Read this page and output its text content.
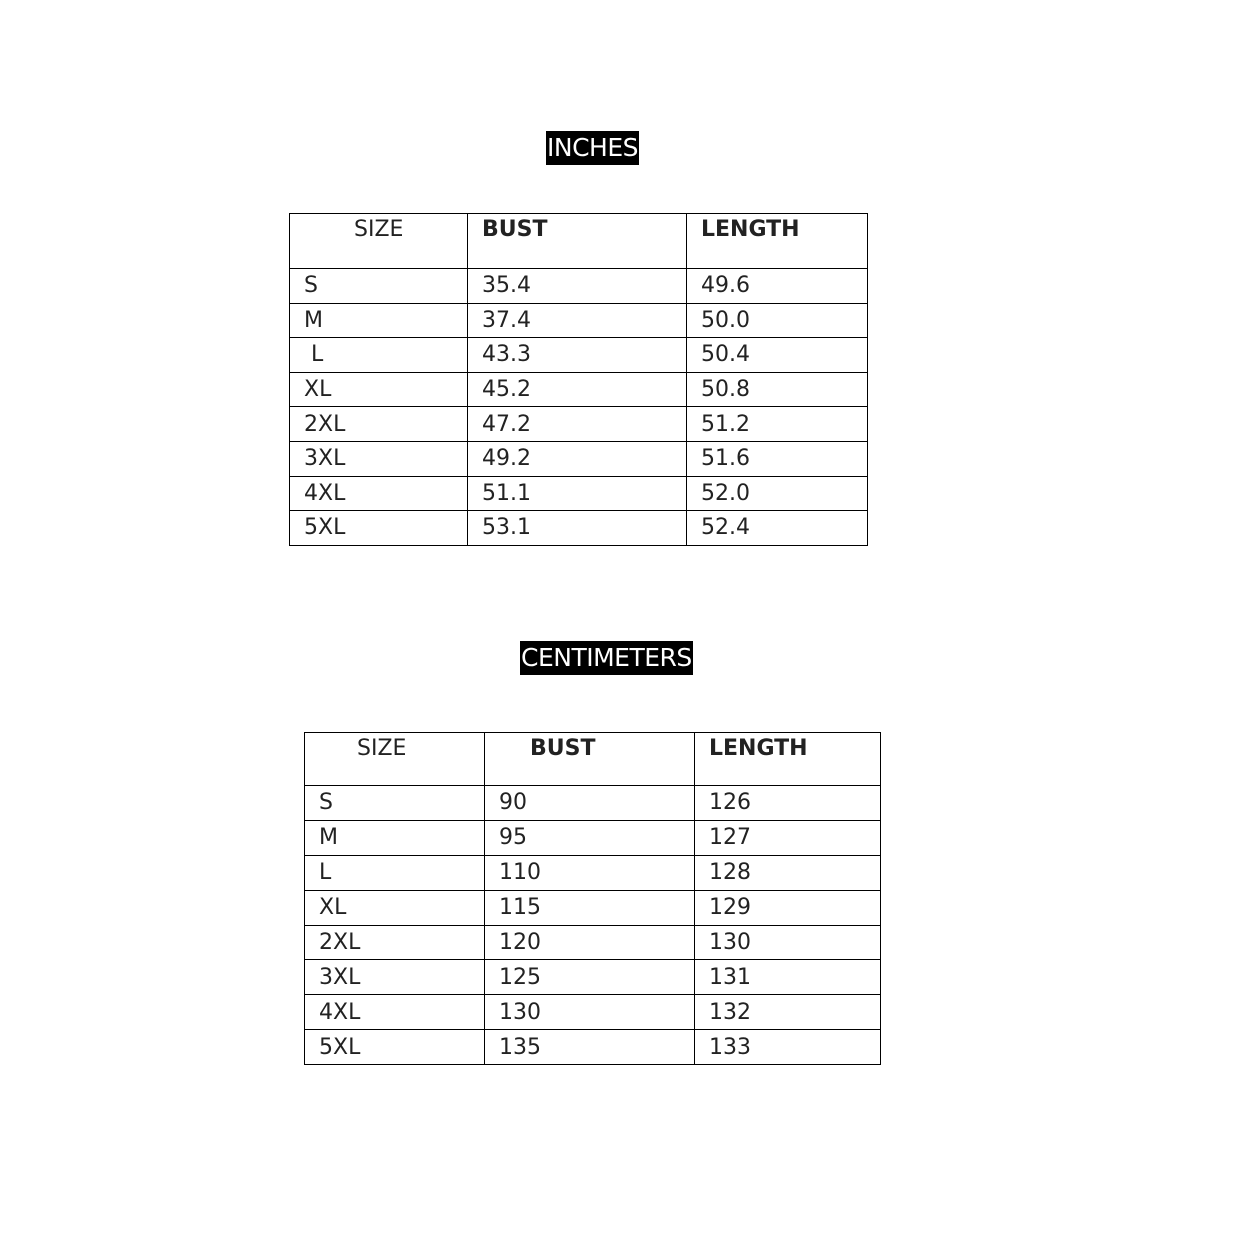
INCHES
SIZE	BUST	LENGTH
S	35.4	49.6
M	37.4	50.0
L	43.3	50.4
XL	45.2	50.8
2XL	47.2	51.2
3XL	49.2	51.6
4XL	51.1	52.0
5XL	53.1	52.4
CENTIMETERS
SIZE	BUST	LENGTH
S	90	126
M	95	127
L	110	128
XL	115	129
2XL	120	130
3XL	125	131
4XL	130	132
5XL	135	133
